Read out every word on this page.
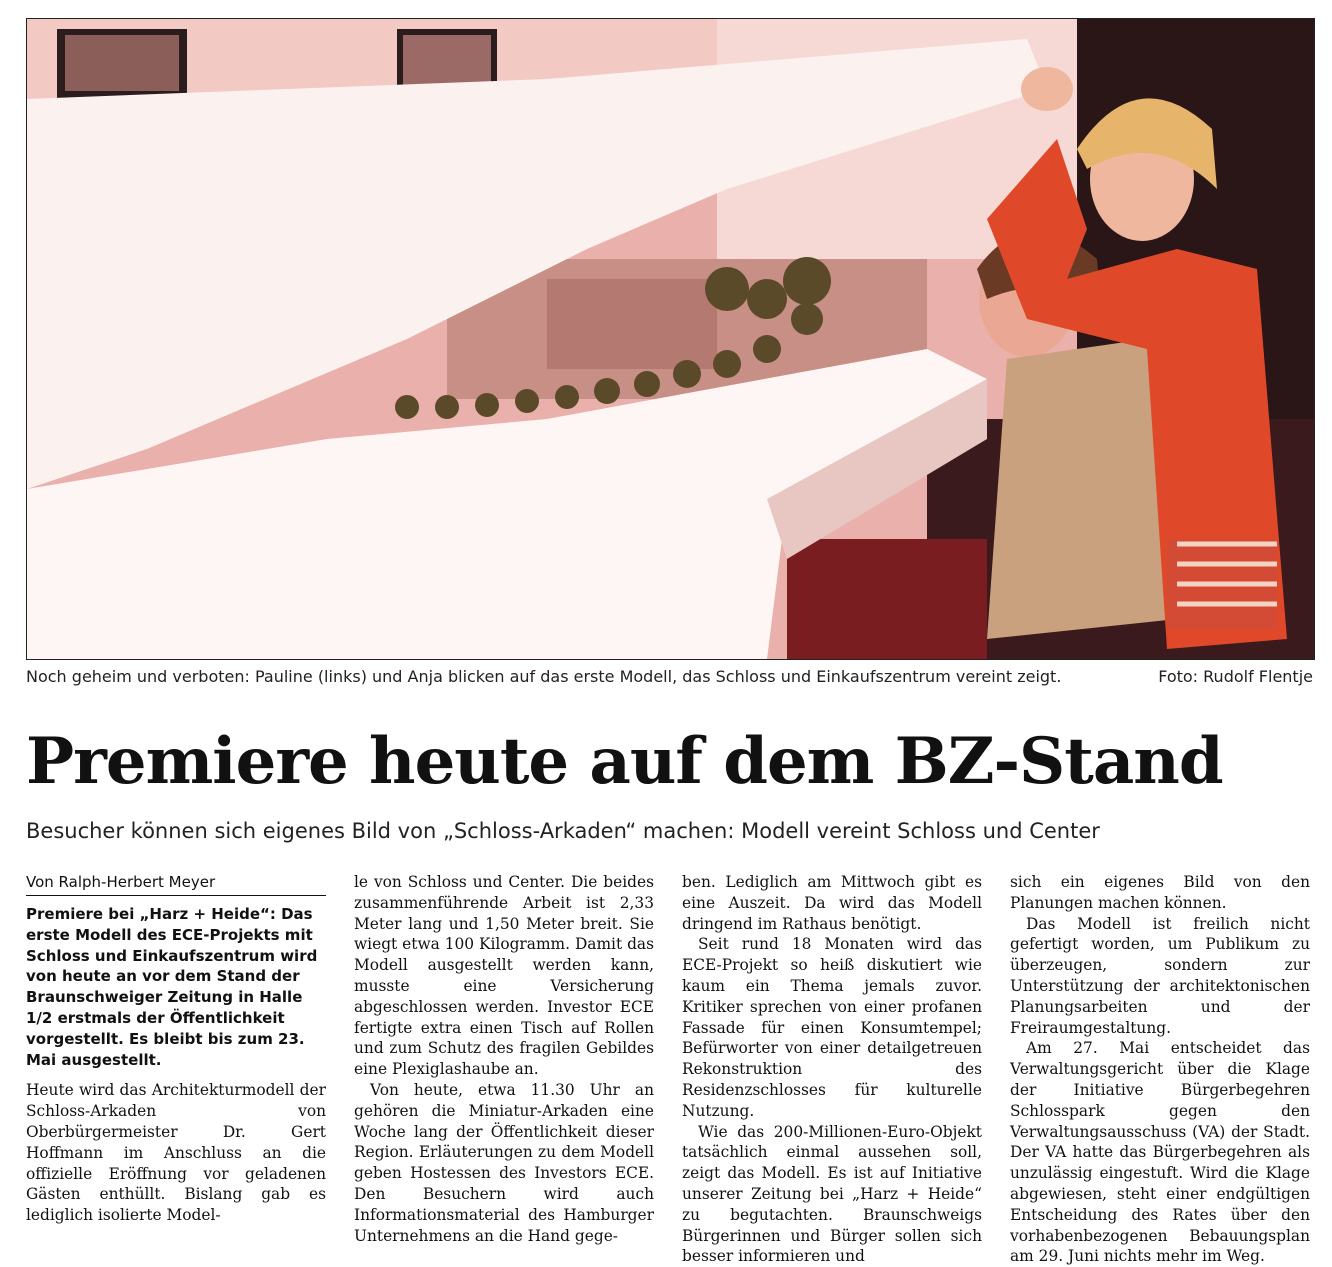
Noch geheim und verboten: Pauline (links) und Anja blicken auf das erste Modell, das Schloss und Einkaufszentrum vereint zeigt.	Foto: Rudolf Flentje
Premiere heute auf dem BZ-Stand
Besucher können sich eigenes Bild von „Schloss-Arkaden“ machen: Modell vereint Schloss und Center
Von Ralph-Herbert Meyer

Premiere bei „Harz + Heide“: Das erste Modell des ECE-Projekts mit Schloss und Einkaufszentrum wird von heute an vor dem Stand der Braunschweiger Zeitung in Halle 1/2 erstmals der Öffentlichkeit vorgestellt. Es bleibt bis zum 23. Mai ausgestellt.

Heute wird das Architekturmodell der Schloss-Arkaden von Oberbürgermeister Dr. Gert Hoffmann im Anschluss an die offizielle Eröffnung vor geladenen Gästen enthüllt. Bislang gab es lediglich isolierte Model-

le von Schloss und Center. Die beides zusammenführende Arbeit ist 2,33 Meter lang und 1,50 Meter breit. Sie wiegt etwa 100 Kilogramm. Damit das Modell ausgestellt werden kann, musste eine Versicherung abgeschlossen werden. Investor ECE fertigte extra einen Tisch auf Rollen und zum Schutz des fragilen Gebildes eine Plexiglashaube an.

Von heute, etwa 11.30 Uhr an gehören die Miniatur-Arkaden eine Woche lang der Öffentlichkeit dieser Region. Erläuterungen zu dem Modell geben Hostessen des Investors ECE. Den Besuchern wird auch Informationsmaterial des Hamburger Unternehmens an die Hand gege-

ben. Lediglich am Mittwoch gibt es eine Auszeit. Da wird das Modell dringend im Rathaus benötigt.

Seit rund 18 Monaten wird das ECE-Projekt so heiß diskutiert wie kaum ein Thema jemals zuvor. Kritiker sprechen von einer profanen Fassade für einen Konsumtempel; Befürworter von einer detailgetreuen Rekonstruktion des Residenzschlosses für kulturelle Nutzung.

Wie das 200-Millionen-Euro-Objekt tatsächlich einmal aussehen soll, zeigt das Modell. Es ist auf Initiative unserer Zeitung bei „Harz + Heide“ zu begutachten. Braunschweigs Bürgerinnen und Bürger sollen sich besser informieren und

sich ein eigenes Bild von den Planungen machen können.

Das Modell ist freilich nicht gefertigt worden, um Publikum zu überzeugen, sondern zur Unterstützung der architektonischen Planungsarbeiten und der Freiraumgestaltung.

Am 27. Mai entscheidet das Verwaltungsgericht über die Klage der Initiative Bürgerbegehren Schlosspark gegen den Verwaltungsausschuss (VA) der Stadt. Der VA hatte das Bürgerbegehren als unzulässig eingestuft. Wird die Klage abgewiesen, steht einer endgültigen Entscheidung des Rates über den vorhabenbezogenen Bebauungsplan am 29. Juni nichts mehr im Weg.
